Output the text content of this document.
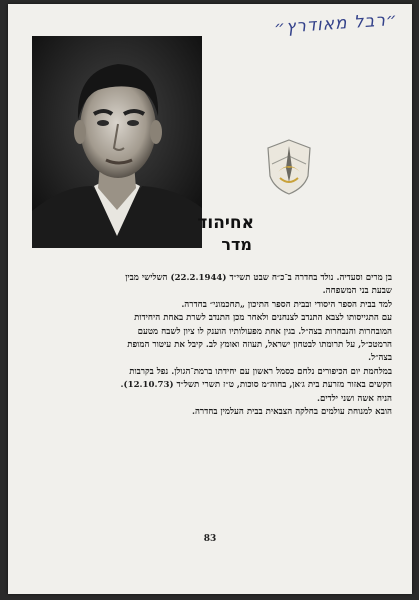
״רבל מאודרץ״
אחיהוד
מדר

בן מרים וסעדיה. נולד בחדרה ב־כ״ח שבט תשי״ד (22.2.1944) השלישי מבין

שבעת בני המשפחה.

למד בבית הספר היסודי ובבית הספר התיכון „תחכמוני״ בחדרה.

עם התגייסותו לצבא התנדב לצנחנים ולאחר מכן התנדב לשרת באחת היחידות

המובחרות והנבחרות בצה״ל. בגין אחת מפעולותיו הוענק לו ציון לשבח מטעם

הרמטכ״ל, על תרומתו לבטחון ישראל, תעוזה ואומץ לב. קיבל את עיטור המופת

בצה״ל.

במלחמת יום הכיפורים נלחם כסמל ראשון עם יחידתו ברמת־הגולן. נפל בקרבות

הקשים באזור מזרעת בית ג׳אן, בחוה״מ סוכות, ט״ז תשרי תשל״ד (12.10.73).

הניח אשה ושני ילדים.

הובא למנוחת עולמים בחלקה הצבאית בבית העלמין בחדרה.

83
